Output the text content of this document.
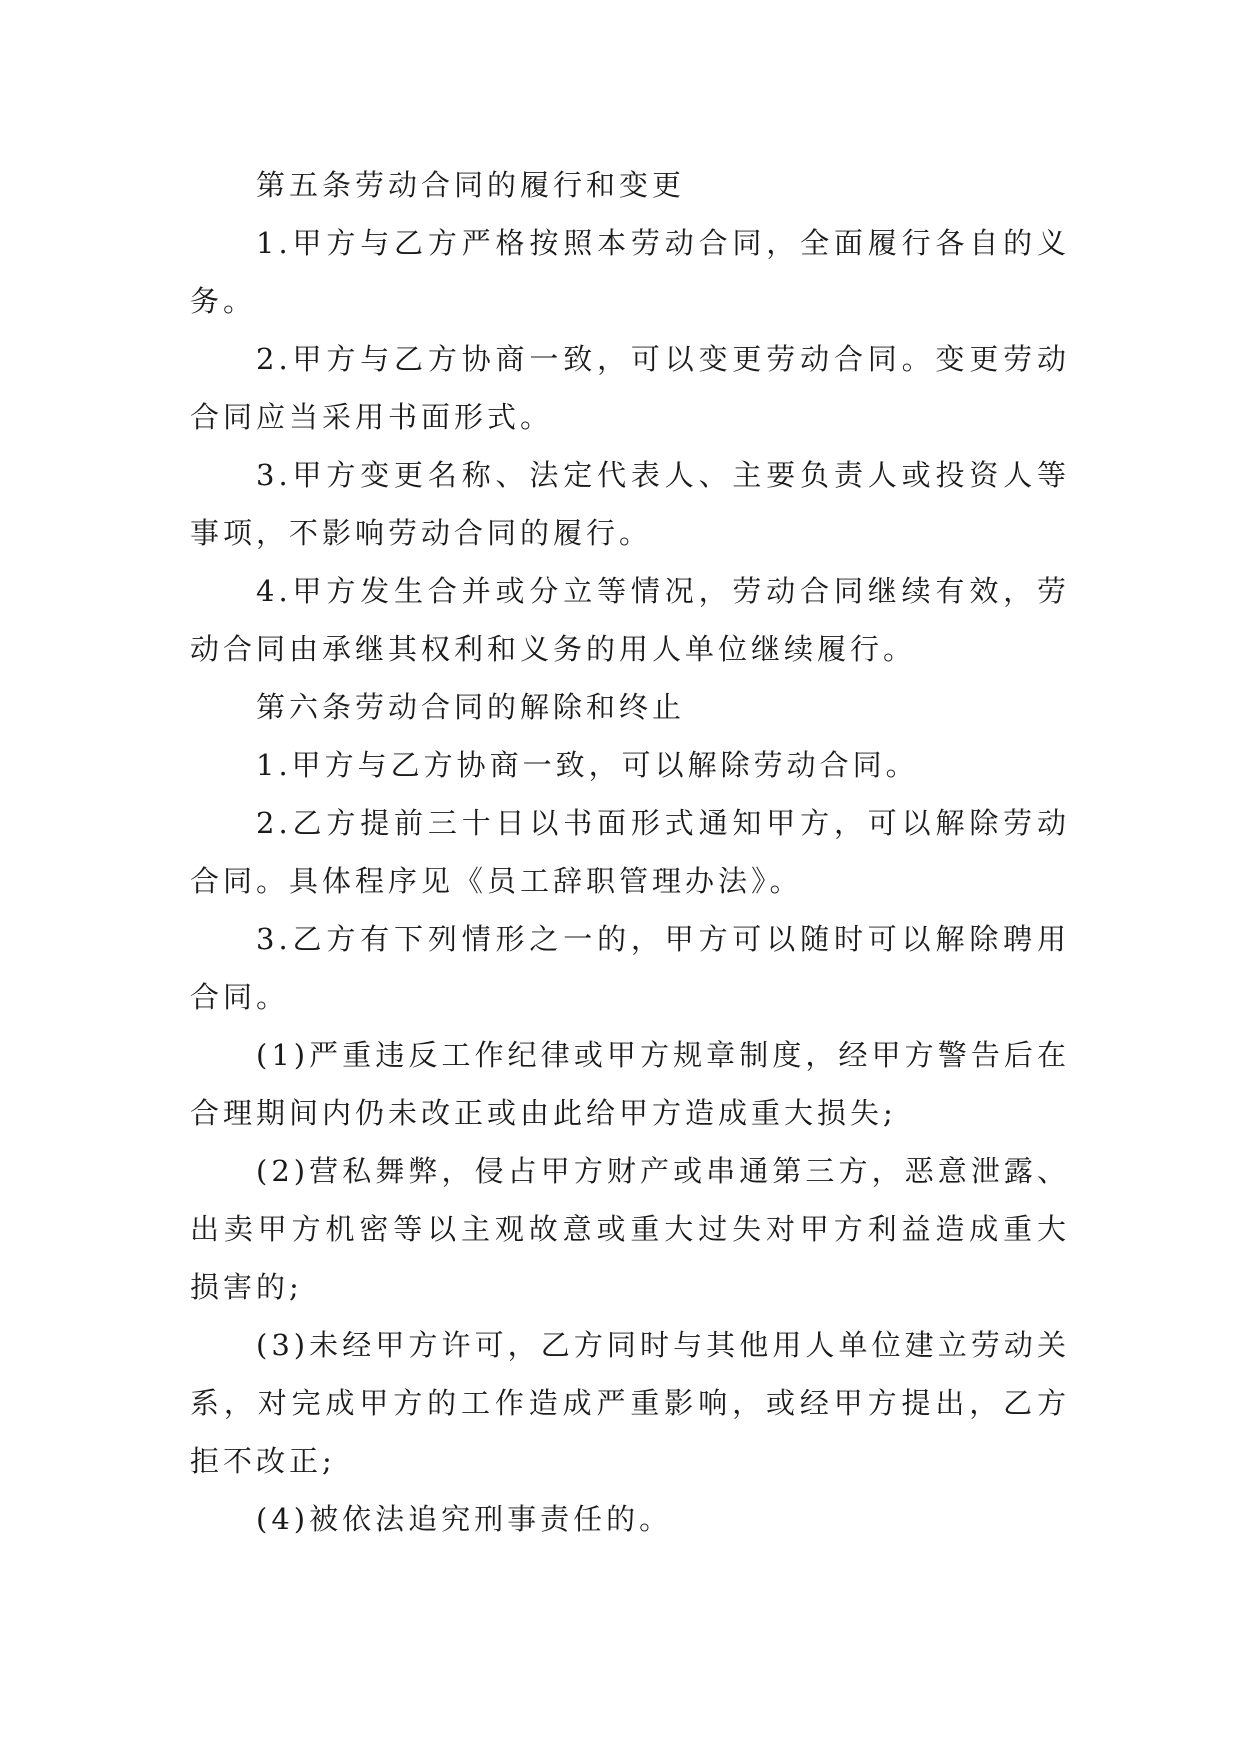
第五条劳动合同的履行和变更

1.甲方与乙方严格按照本劳动合同，全面履行各自的义务。

2.甲方与乙方协商一致，可以变更劳动合同。变更劳动合同应当采用书面形式。

3.甲方变更名称、法定代表人、主要负责人或投资人等事项，不影响劳动合同的履行。

4.甲方发生合并或分立等情况，劳动合同继续有效，劳动合同由承继其权利和义务的用人单位继续履行。

第六条劳动合同的解除和终止

1.甲方与乙方协商一致，可以解除劳动合同。

2.乙方提前三十日以书面形式通知甲方，可以解除劳动合同。具体程序见《员工辞职管理办法》。

3.乙方有下列情形之一的，甲方可以随时可以解除聘用合同。

(1)严重违反工作纪律或甲方规章制度，经甲方警告后在合理期间内仍未改正或由此给甲方造成重大损失;

(2)营私舞弊，侵占甲方财产或串通第三方，恶意泄露、出卖甲方机密等以主观故意或重大过失对甲方利益造成重大损害的;

(3)未经甲方许可，乙方同时与其他用人单位建立劳动关系，对完成甲方的工作造成严重影响，或经甲方提出，乙方拒不改正;

(4)被依法追究刑事责任的。
